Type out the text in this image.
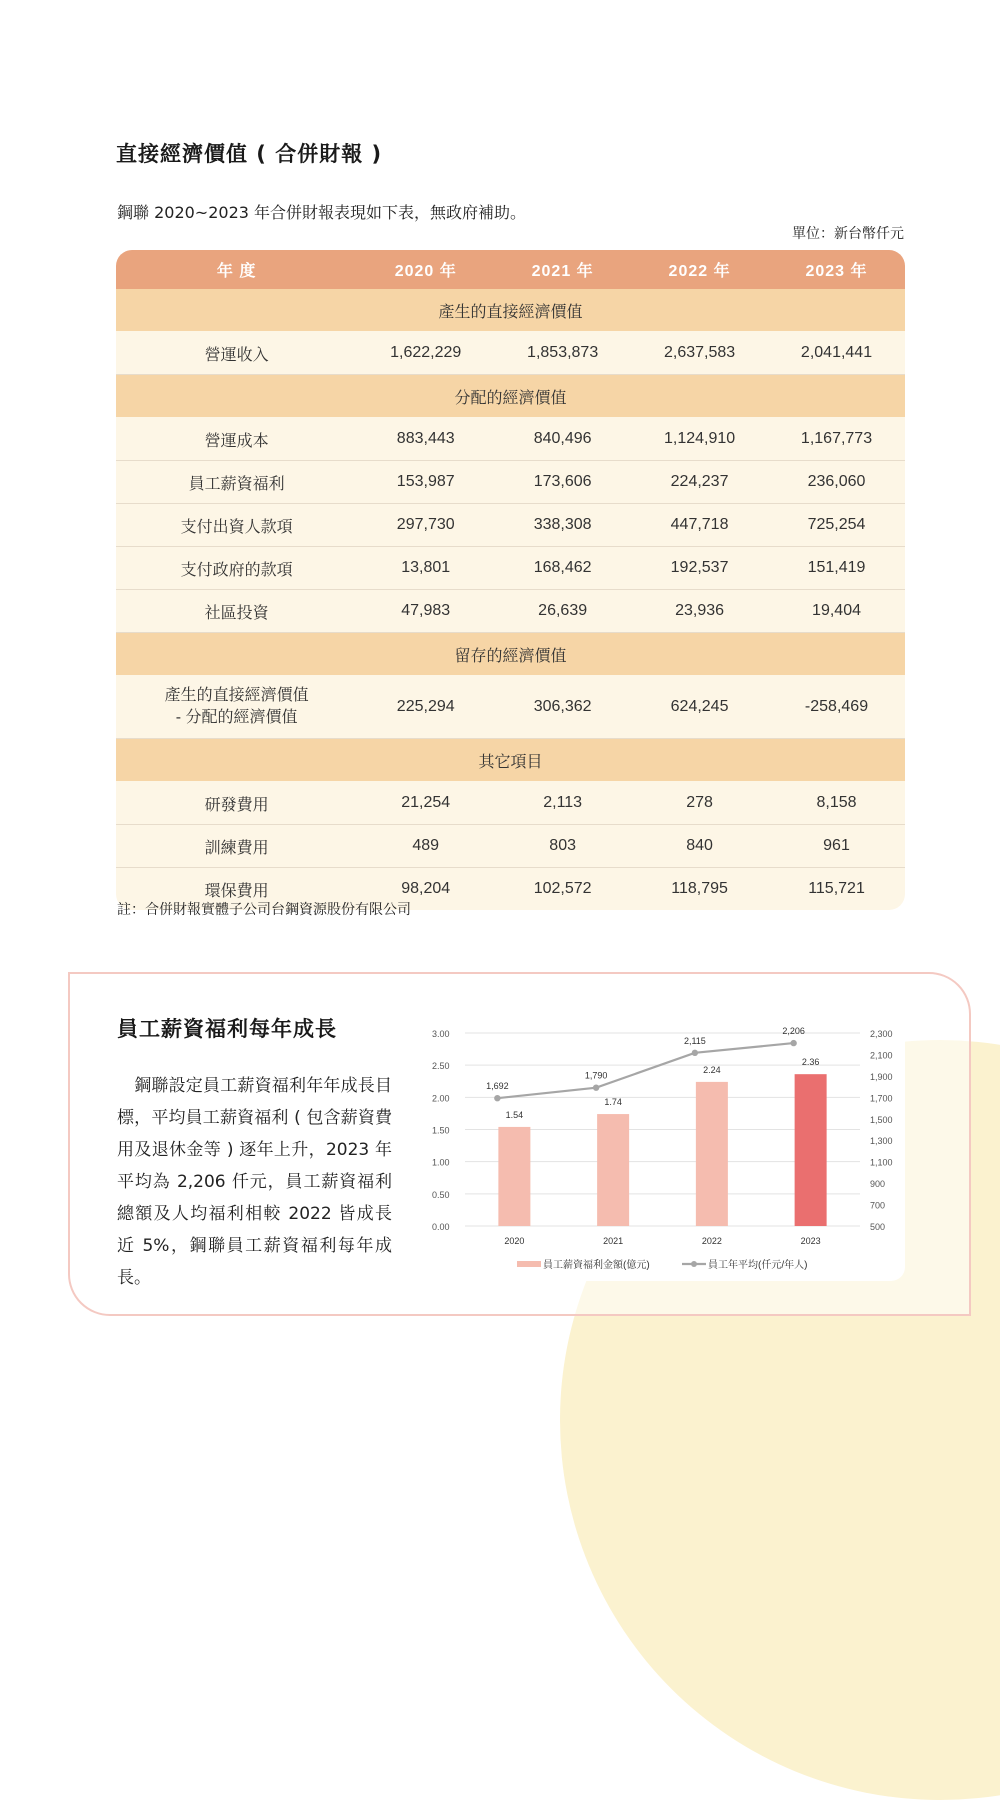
直接經濟價值 ( 合併財報 )
鋼聯 2020~2023 年合併財報表現如下表，無政府補助。
單位：新台幣仟元
年 度	2020 年	2021 年	2022 年	2023 年
產生的直接經濟價值				
營運收入	1,622,229	1,853,873	2,637,583	2,041,441
分配的經濟價值				
營運成本	883,443	840,496	1,124,910	1,167,773
員工薪資福利	153,987	173,606	224,237	236,060
支付出資人款項	297,730	338,308	447,718	725,254
支付政府的款項	13,801	168,462	192,537	151,419
社區投資	47,983	26,639	23,936	19,404
留存的經濟價值				

產生的直接經濟價值
- 分配的經濟價值	225,294	306,362	624,245	-258,469
其它項目				
研發費用	21,254	2,113	278	8,158
訓練費用	489	803	840	961
環保費用	98,204	102,572	118,795	115,721
註：合併財報實體子公司台鋼資源股份有限公司
員工薪資福利每年成長
 鋼聯設定員工薪資福利年年成長目標，平均員工薪資福利 ( 包含薪資費用及退休金等 ) 逐年上升，2023 年平均為 2,206 仟元，員工薪資福利總額及人均福利相較 2022 皆成長近 5%，鋼聯員工薪資福利每年成長。
0.00
0.50
1.00
1.50
2.00
2.50
3.00
500
700
900
1,100
1,300
1,500
1,700
1,900
2,100
2,300
1.54
2020
1.74
2021
2.24
2022
2.36
2023
1,692
1,790
2,115
2,206
員工薪資福利金額(億元)	員工年平均(仟元/年人)
